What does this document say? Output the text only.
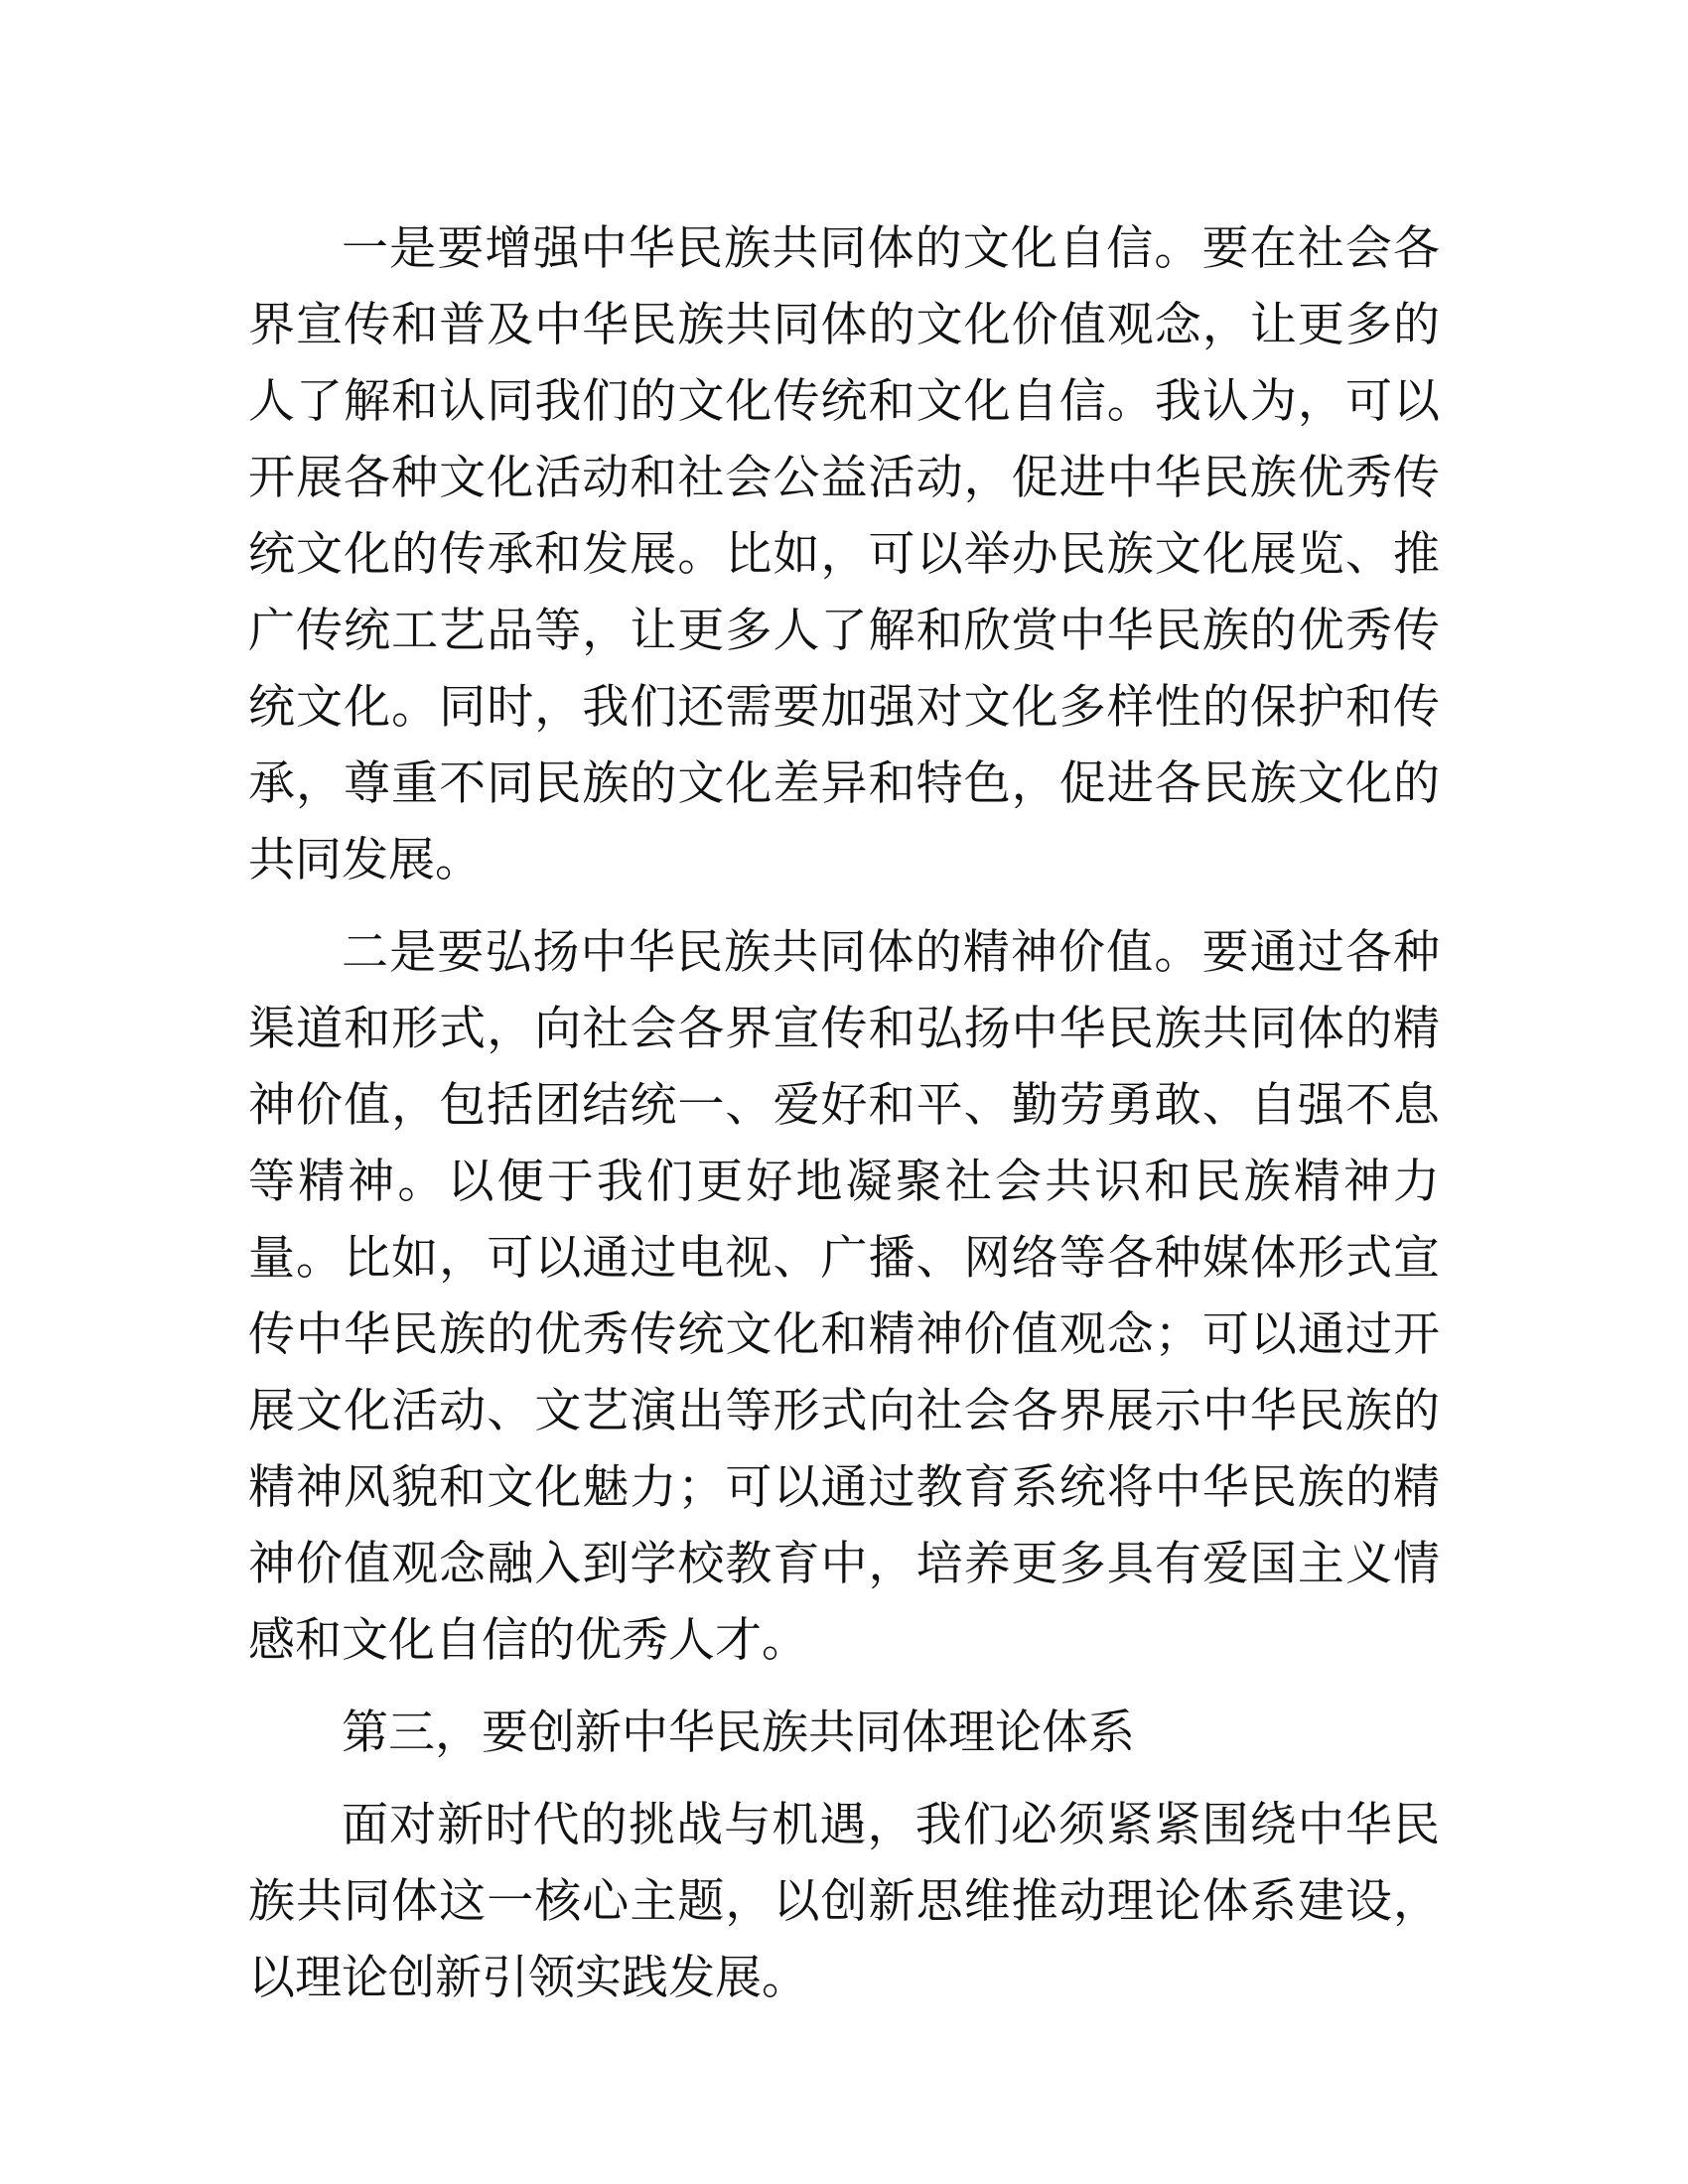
一是要增强中华民族共同体的文化自信。要在社会各界宣传和普及中华民族共同体的文化价值观念，让更多的人了解和认同我们的文化传统和文化自信。我认为，可以开展各种文化活动和社会公益活动，促进中华民族优秀传统文化的传承和发展。比如，可以举办民族文化展览、推广传统工艺品等，让更多人了解和欣赏中华民族的优秀传统文化。同时，我们还需要加强对文化多样性的保护和传承，尊重不同民族的文化差异和特色，促进各民族文化的共同发展。

二是要弘扬中华民族共同体的精神价值。要通过各种渠道和形式，向社会各界宣传和弘扬中华民族共同体的精神价值，包括团结统一、爱好和平、勤劳勇敢、自强不息等精神。以便于我们更好地凝聚社会共识和民族精神力量。比如，可以通过电视、广播、网络等各种媒体形式宣传中华民族的优秀传统文化和精神价值观念；可以通过开展文化活动、文艺演出等形式向社会各界展示中华民族的精神风貌和文化魅力；可以通过教育系统将中华民族的精神价值观念融入到学校教育中，培养更多具有爱国主义情感和文化自信的优秀人才。

第三，要创新中华民族共同体理论体系

面对新时代的挑战与机遇，我们必须紧紧围绕中华民族共同体这一核心主题，以创新思维推动理论体系建设，以理论创新引领实践发展。
